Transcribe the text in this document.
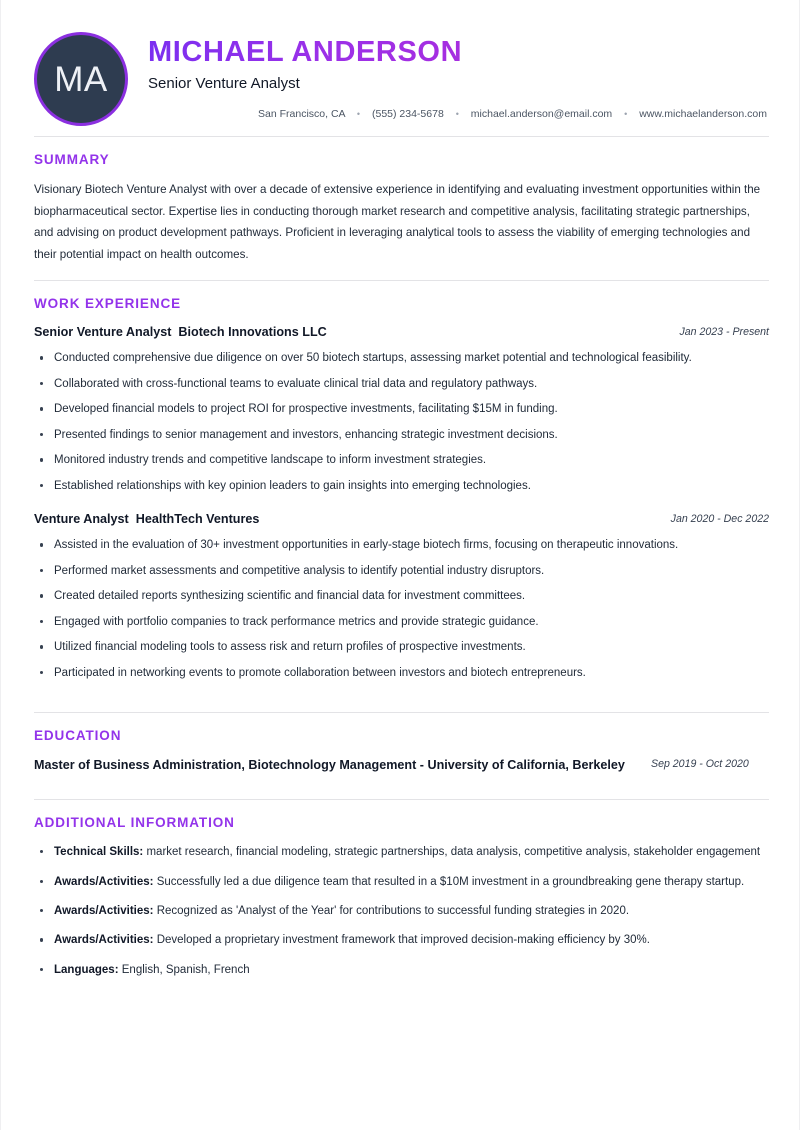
MA
MICHAEL ANDERSON
Senior Venture Analyst
San Francisco, CA • (555) 234-5678 • michael.anderson@email.com • www.michaelanderson.com
SUMMARY

Visionary Biotech Venture Analyst with over a decade of extensive experience in identifying and evaluating investment opportunities within the biopharmaceutical sector. Expertise lies in conducting thorough market research and competitive analysis, facilitating strategic partnerships, and advising on product development pathways. Proficient in leveraging analytical tools to assess the viability of emerging technologies and their potential impact on health outcomes.

WORK EXPERIENCE
Senior Venture Analyst Biotech Innovations LLC	Jan 2023 - Present
Conducted comprehensive due diligence on over 50 biotech startups, assessing market potential and technological feasibility.
Collaborated with cross-functional teams to evaluate clinical trial data and regulatory pathways.
Developed financial models to project ROI for prospective investments, facilitating $15M in funding.
Presented findings to senior management and investors, enhancing strategic investment decisions.
Monitored industry trends and competitive landscape to inform investment strategies.
Established relationships with key opinion leaders to gain insights into emerging technologies.
Venture Analyst HealthTech Ventures	Jan 2020 - Dec 2022
Assisted in the evaluation of 30+ investment opportunities in early-stage biotech firms, focusing on therapeutic innovations.
Performed market assessments and competitive analysis to identify potential industry disruptors.
Created detailed reports synthesizing scientific and financial data for investment committees.
Engaged with portfolio companies to track performance metrics and provide strategic guidance.
Utilized financial modeling tools to assess risk and return profiles of prospective investments.
Participated in networking events to promote collaboration between investors and biotech entrepreneurs.
EDUCATION
Master of Business Administration, Biotechnology Management - University of California, Berkeley	Sep 2019 - Oct 2020
ADDITIONAL INFORMATION
Technical Skills: market research, financial modeling, strategic partnerships, data analysis, competitive analysis, stakeholder engagement
Awards/Activities: Successfully led a due diligence team that resulted in a $10M investment in a groundbreaking gene therapy startup.
Awards/Activities: Recognized as 'Analyst of the Year' for contributions to successful funding strategies in 2020.
Awards/Activities: Developed a proprietary investment framework that improved decision-making efficiency by 30%.
Languages: English, Spanish, French
